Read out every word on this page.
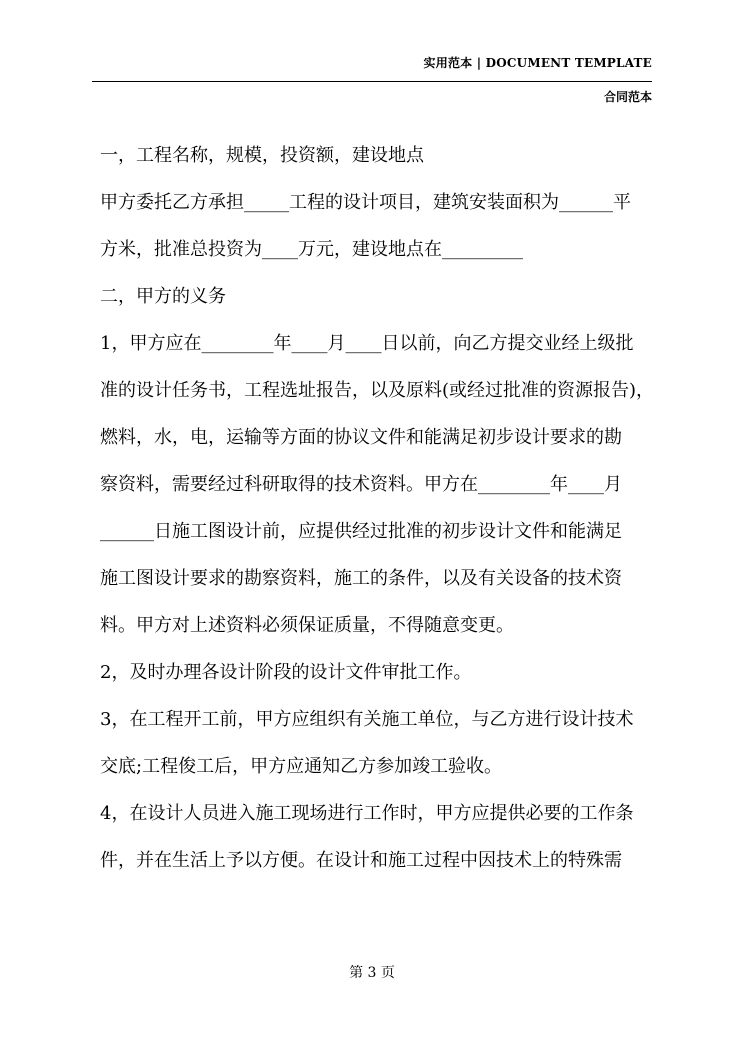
实用范本 | DOCUMENT TEMPLATE
合同范本
一，工程名称，规模，投资额，建设地点
甲方委托乙方承担_____工程的设计项目，建筑安装面积为______平
方米，批准总投资为____万元，建设地点在_________
二，甲方的义务
1，甲方应在________年____月____日以前，向乙方提交业经上级批
准的设计任务书，工程选址报告，以及原料(或经过批准的资源报告)，
燃料，水，电，运输等方面的协议文件和能满足初步设计要求的勘
察资料，需要经过科研取得的技术资料。甲方在________年____月
______日施工图设计前，应提供经过批准的初步设计文件和能满足
施工图设计要求的勘察资料，施工的条件，以及有关设备的技术资
料。甲方对上述资料必须保证质量，不得随意变更。
2，及时办理各设计阶段的设计文件审批工作。
3，在工程开工前，甲方应组织有关施工单位，与乙方进行设计技术
交底;工程俊工后，甲方应通知乙方参加竣工验收。
4，在设计人员进入施工现场进行工作时，甲方应提供必要的工作条
件，并在生活上予以方便。在设计和施工过程中因技术上的特殊需
第 3 页
